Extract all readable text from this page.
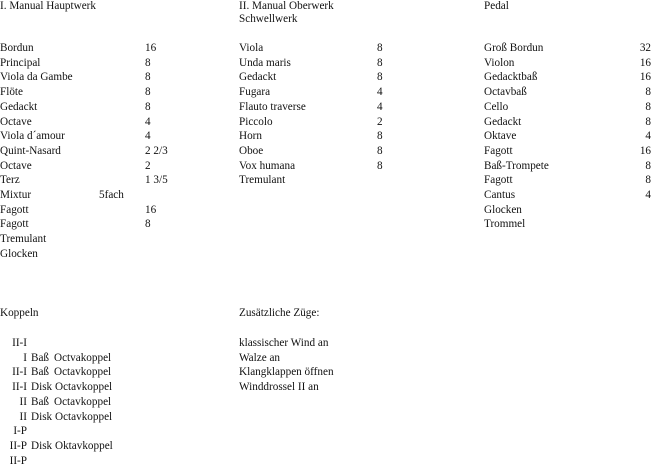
I. Manual Hauptwerk	II. Manual Oberwerk
Schwellwerk
Pedal
Bordun	16
Principal	8
Viola da Gambe	8
Flöte	8
Gedackt	8
Octave	4
Viola d´amour	4
Quint-Nasard	2 2/3
Octave	2
Terz	1 3/5
Mixtur	5fach
Fagott	16
Fagott	8
Tremulant
Glocken
Viola	8
Unda maris	8
Gedackt	8
Fugara	4
Flauto traverse	4
Piccolo	2
Horn	8
Oboe	8
Vox humana	8
Tremulant
Groß Bordun	32
Violon	16
Gedacktbaß	16
Octavbaß	8
Cello	8
Gedackt	8
Oktave	4
Fagott	16
Baß-Trompete	8
Fagott	8
Cantus	4
Glocken
Trommel
Koppeln
II-I
I Baß Octvakoppel
II-I Baß Octavkoppel
II-I Disk Octavkoppel
II Baß Octavkoppel
II Disk Octavkoppel
I-P
II-P Disk Oktavkoppel
II-P
Zusätzliche Züge:
klassischer Wind an
Walze an
Klangklappen öffnen
Winddrossel II an
